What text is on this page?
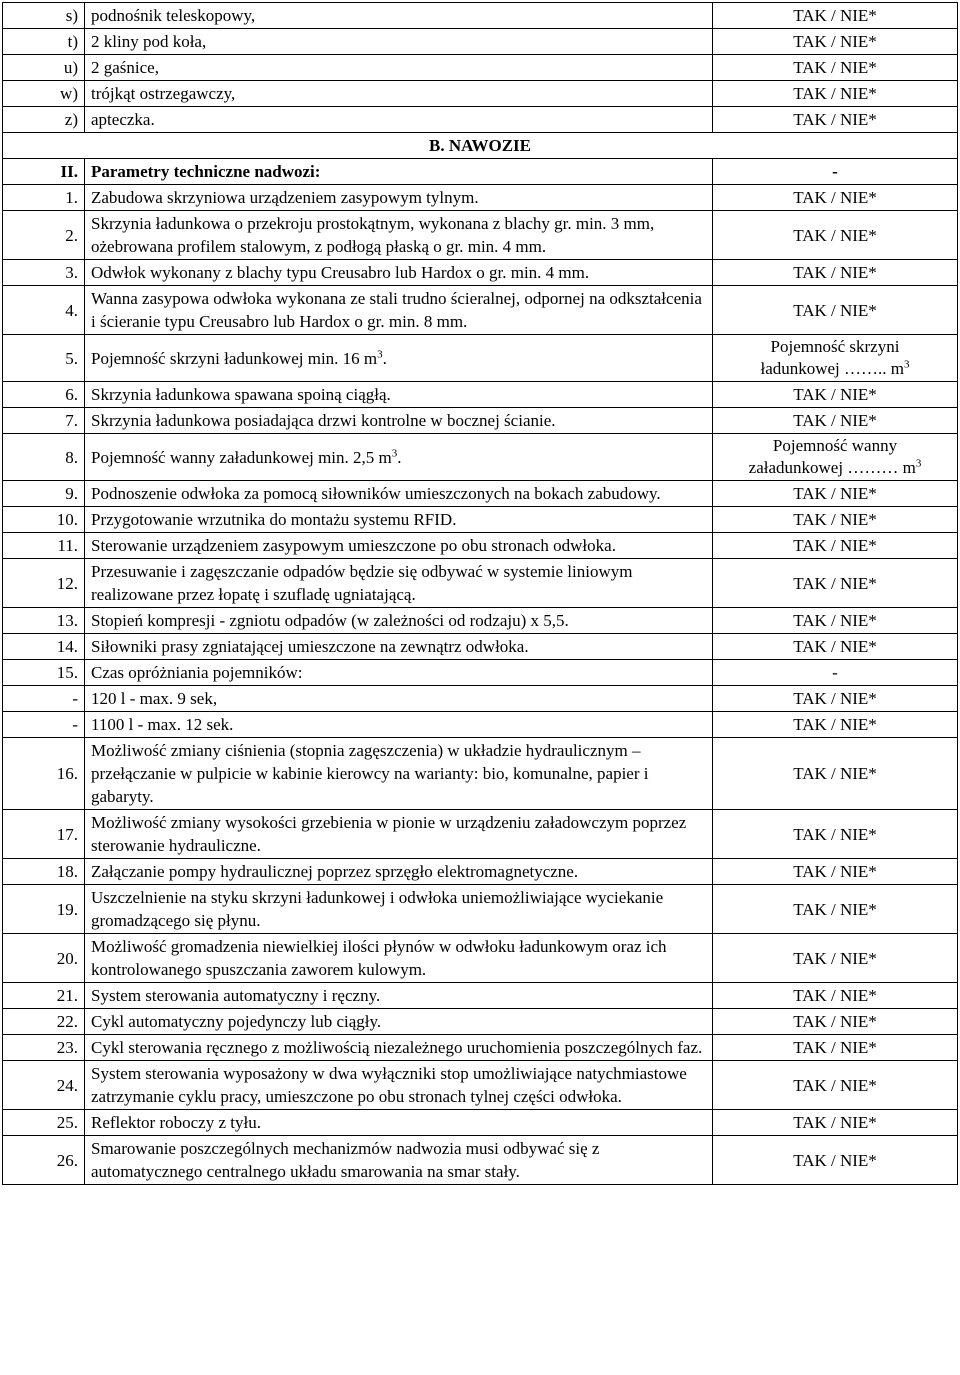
s)	podnośnik teleskopowy,	TAK / NIE*
t)	2 kliny pod koła,	TAK / NIE*
u)	2 gaśnice,	TAK / NIE*
w)	trójkąt ostrzegawczy,	TAK / NIE*
z)	apteczka.	TAK / NIE*
B. NAWOZIE		
II.	Parametry techniczne nadwozi:	-
1.	Zabudowa skrzyniowa urządzeniem zasypowym tylnym.	TAK / NIE*
2.	Skrzynia ładunkowa o przekroju prostokątnym, wykonana z blachy gr. min. 3 mm, ożebrowana profilem stalowym, z podłogą płaską o gr. min. 4 mm.	TAK / NIE*
3.	Odwłok wykonany z blachy typu Creusabro lub Hardox o gr. min. 4 mm.	TAK / NIE*
4.	Wanna zasypowa odwłoka wykonana ze stali trudno ścieralnej, odpornej na odkształcenia i ścieranie typu Creusabro lub Hardox o gr. min. 8 mm.	TAK / NIE*
5.	Pojemność skrzyni ładunkowej min. 16 $m^3$.	Pojemność skrzyni
ładunkowej …….. $m^3$

6.	Skrzynia ładunkowa spawana spoiną ciągłą.	TAK / NIE*
7.	Skrzynia ładunkowa posiadająca drzwi kontrolne w bocznej ścianie.	TAK / NIE*
8.	Pojemność wanny załadunkowej min. 2,5 $m^3$.	Pojemność wanny
załadunkowej ……… $m^3$

9.	Podnoszenie odwłoka za pomocą siłowników umieszczonych na bokach zabudowy.	TAK / NIE*
10.	Przygotowanie wrzutnika do montażu systemu RFID.	TAK / NIE*
11.	Sterowanie urządzeniem zasypowym umieszczone po obu stronach odwłoka.	TAK / NIE*
12.	Przesuwanie i zagęszczanie odpadów będzie się odbywać w systemie liniowym realizowane przez łopatę i szufladę ugniatającą.	TAK / NIE*
13.	Stopień kompresji - zgniotu odpadów (w zależności od rodzaju) x 5,5.	TAK / NIE*
14.	Siłowniki prasy zgniatającej umieszczone na zewnątrz odwłoka.	TAK / NIE*
15.	Czas opróżniania pojemników:	-
-	120 l - max. 9 sek,	TAK / NIE*
-	1100 l - max. 12 sek.	TAK / NIE*
16.	Możliwość zmiany ciśnienia (stopnia zagęszczenia) w układzie hydraulicznym – przełączanie w pulpicie w kabinie kierowcy na warianty: bio, komunalne, papier i gabaryty.	TAK / NIE*
17.	Możliwość zmiany wysokości grzebienia w pionie w urządzeniu załadowczym poprzez sterowanie hydrauliczne.	TAK / NIE*
18.	Załączanie pompy hydraulicznej poprzez sprzęgło elektromagnetyczne.	TAK / NIE*
19.	Uszczelnienie na styku skrzyni ładunkowej i odwłoka uniemożliwiające wyciekanie gromadzącego się płynu.	TAK / NIE*
20.	Możliwość gromadzenia niewielkiej ilości płynów w odwłoku ładunkowym oraz ich kontrolowanego spuszczania zaworem kulowym.	TAK / NIE*
21.	System sterowania automatyczny i ręczny.	TAK / NIE*
22.	Cykl automatyczny pojedynczy lub ciągły.	TAK / NIE*
23.	Cykl sterowania ręcznego z możliwością niezależnego uruchomienia poszczególnych faz.	TAK / NIE*
24.	System sterowania wyposażony w dwa wyłączniki stop umożliwiające natychmiastowe zatrzymanie cyklu pracy, umieszczone po obu stronach tylnej części odwłoka.	TAK / NIE*
25.	Reflektor roboczy z tyłu.	TAK / NIE*
26.	Smarowanie poszczególnych mechanizmów nadwozia musi odbywać się z automatycznego centralnego układu smarowania na smar stały.	TAK / NIE*
